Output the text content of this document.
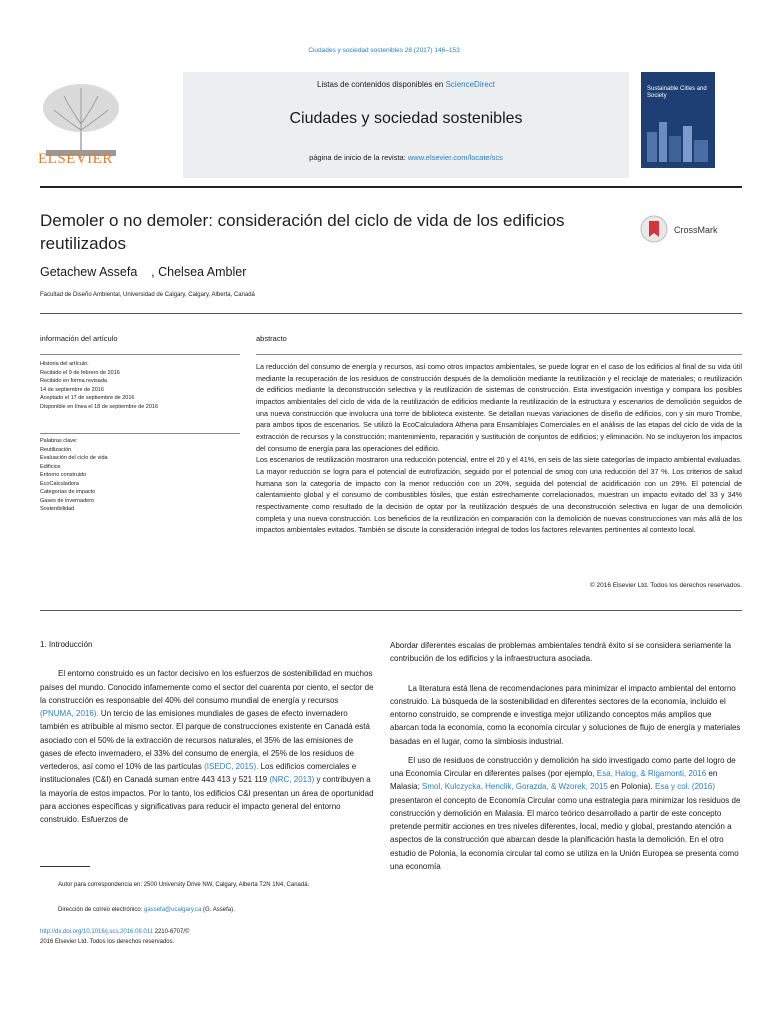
Ciudades y sociedad sostenibles 28 (2017) 146–153
ELSEVIER
Listas de contenidos disponibles en ScienceDirect
Ciudades y sociedad sostenibles
página de inicio de la revista: www.elsevier.com/locate/scs
Sustainable Cities and Society
Demoler o no demoler: consideración del ciclo de vida de los edificios reutilizados
CrossMark
Getachew Assefa    , Chelsea Ambler
Facultad de Diseño Ambiental, Universidad de Calgary, Calgary, Alberta, Canadá
información del artículo
Historia del artículo:
Recibido el 9 de febrero de 2016
Recibido en forma revisada
14 de septiembre de 2016
Aceptado el 17 de septiembre de 2016
Disponible en línea el 18 de septiembre de 2016
Palabras clave:
Reutilización
Evaluación del ciclo de vida
Edificios
Entorno construido
EcoCalculadora
Categorías de impacto
Gases de invernadero
Sostenibilidad
abstracto

La reducción del consumo de energía y recursos, así como otros impactos ambientales, se puede lograr en el caso de los edificios al final de su vida útil mediante la recuperación de los residuos de construcción después de la demolición mediante la reutilización y el reciclaje de materiales; o reutilización de edificios mediante la deconstrucción selectiva y la reutilización de sistemas de construcción. Esta investigación investiga y compara los posibles impactos ambientales del ciclo de vida de la reutilización de edificios mediante la reutilización de la estructura y escenarios de demolición seguidos de una nueva construcción que involucra una torre de biblioteca existente. Se detallan nuevas variaciones de diseño de edificios, con y sin muro Trombe, para ambos tipos de escenarios. Se utilizó la EcoCalculadora Athena para Ensamblajes Comerciales en el análisis de las etapas del ciclo de vida de la extracción de recursos y la construcción; mantenimiento, reparación y sustitución de conjuntos de edificios; y eliminación. No se incluyeron los impactos del consumo de energía para las operaciones del edificio.

Los escenarios de reutilización mostraron una reducción potencial, entre el 20 y el 41%, en seis de las siete categorías de impacto ambiental evaluadas. La mayor reducción se logra para el potencial de eutrofización, seguido por el potencial de smog con una reducción del 37 %. Los criterios de salud humana son la categoría de impacto con la menor reducción con un 20%, seguida del potencial de acidificación con un 29%. El potencial de calentamiento global y el consumo de combustibles fósiles, que están estrechamente correlacionados, muestran un impacto evitado del 33 y 34% respectivamente como resultado de la decisión de optar por la reutilización después de una deconstrucción selectiva en lugar de una demolición completa y una nueva construcción. Los beneficios de la reutilización en comparación con la demolición de nuevas construcciones van más allá de los impactos ambientales evitados. También se discute la consideración integral de todos los factores relevantes pertinentes al contexto local.

© 2016 Elsevier Ltd. Todos los derechos reservados.

1. Introducción

El entorno construido es un factor decisivo en los esfuerzos de sostenibilidad en muchos países del mundo. Conocido infamemente como el sector del cuarenta por ciento, el sector de la construcción es responsable del 40% del consumo mundial de energía y recursos (PNUMA, 2016). Un tercio de las emisiones mundiales de gases de efecto invernadero también es atribuible al mismo sector. El parque de construcciones existente en Canadá está asociado con el 50% de la extracción de recursos naturales, el 35% de las emisiones de gases de efecto invernadero, el 33% del consumo de energía, el 25% de los residuos de vertederos, así como el 10% de las partículas (ISEDC, 2015). Los edificios comerciales e institucionales (C&I) en Canadá suman entre 443 413 y 521 119 (NRC, 2013) y contribuyen a la mayoría de estos impactos. Por lo tanto, los edificios C&I presentan un área de oportunidad para acciones específicas y significativas para reducir el impacto general del entorno construido. Esfuerzos de

Autor para correspondencia en: 2500 University Drive NW, Calgary, Alberta T2N 1N4, Canadá.
Dirección de correo electrónico: gassefa@ucalgary.ca (G. Assefa).
http://dx.doi.org/10.1016/j.scs.2016.09.011 2210-6707/©
2016 Elsevier Ltd. Todos los derechos reservados.

Abordar diferentes escalas de problemas ambientales tendrá éxito si se considera seriamente la contribución de los edificios y la infraestructura asociada.

La literatura está llena de recomendaciones para minimizar el impacto ambiental del entorno construido. La búsqueda de la sostenibilidad en diferentes sectores de la economía, incluido el entorno construido, se comprende e investiga mejor utilizando conceptos más amplios que abarcan toda la economía, como la economía circular y soluciones de flujo de energía y materiales basadas en el lugar, como la simbiosis industrial.

El uso de residuos de construcción y demolición ha sido investigado como parte del logro de una Economía Circular en diferentes países (por ejemplo, Esa, Halog, & Rigamonti, 2016 en Malasia; Smol, Kulczycka, Henclik, Gorazda, & Wzorek, 2015 en Polonia). Esa y col. (2016) presentaron el concepto de Economía Circular como una estrategia para minimizar los residuos de construcción y demolición en Malasia. El marco teórico desarrollado a partir de este concepto pretende permitir acciones en tres niveles diferentes, local, medio y global, prestando atención a aspectos de la construcción que abarcan desde la planificación hasta la demolición. En el otro estudio de Polonia, la economía circular tal como se utiliza en la Unión Europea se presenta como una economía
